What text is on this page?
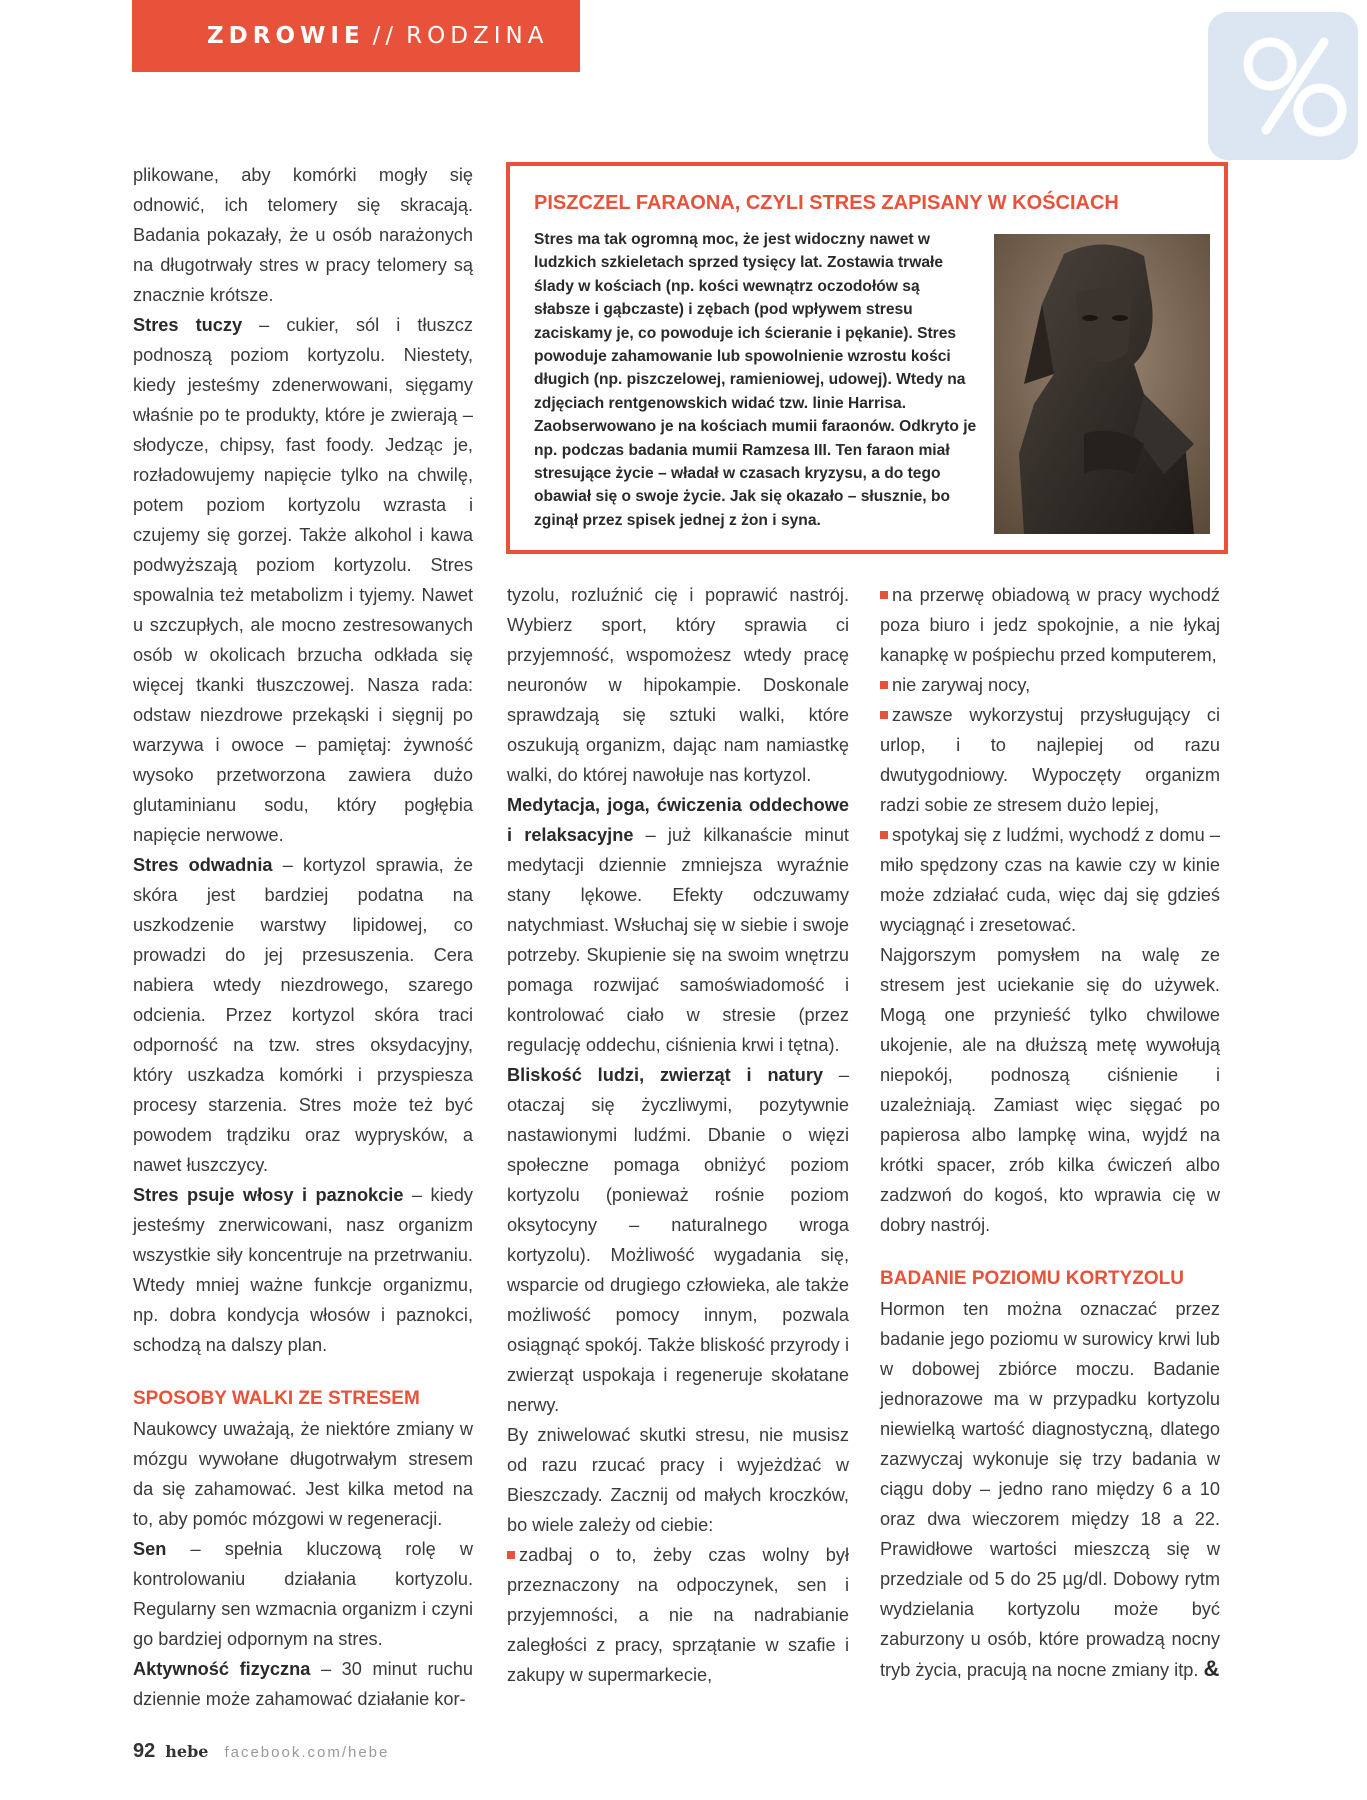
ZDROWIE // RODZINA

plikowane, aby komórki mogły się odnowić, ich telomery się skracają. Badania pokazały, że u osób narażonych na długotrwały stres w pracy telomery są znacznie krótsze.

Stres tuczy – cukier, sól i tłuszcz podnoszą poziom kortyzolu. Niestety, kiedy jesteśmy zdenerwowani, sięgamy właśnie po te produkty, które je zwierają – słodycze, chipsy, fast foody. Jedząc je, rozładowujemy napięcie tylko na chwilę, potem poziom kortyzolu wzrasta i czujemy się gorzej. Także alkohol i kawa podwyższają poziom kortyzolu. Stres spowalnia też metabolizm i tyjemy. Nawet u szczupłych, ale mocno zestresowanych osób w okolicach brzucha odkłada się więcej tkanki tłuszczowej. Nasza rada: odstaw niezdrowe przekąski i sięgnij po warzywa i owoce – pamiętaj: żywność wysoko przetworzona zawiera dużo glutaminianu sodu, który pogłębia napięcie nerwowe.

Stres odwadnia – kortyzol sprawia, że skóra jest bardziej podatna na uszkodzenie warstwy lipidowej, co prowadzi do jej przesuszenia. Cera nabiera wtedy niezdrowego, szarego odcienia. Przez kortyzol skóra traci odporność na tzw. stres oksydacyjny, który uszkadza komórki i przyspiesza procesy starzenia. Stres może też być powodem trądziku oraz wyprysków, a nawet łuszczycy.

Stres psuje włosy i paznokcie – kiedy jesteśmy znerwicowani, nasz organizm wszystkie siły koncentruje na przetrwaniu. Wtedy mniej ważne funkcje organizmu, np. dobra kondycja włosów i paznokci, schodzą na dalszy plan.

SPOSOBY WALKI ZE STRESEM

Naukowcy uważają, że niektóre zmiany w mózgu wywołane długotrwałym stresem da się zahamować. Jest kilka metod na to, aby pomóc mózgowi w regeneracji.

Sen – spełnia kluczową rolę w kontrolowaniu działania kortyzolu. Regularny sen wzmacnia organizm i czyni go bardziej odpornym na stres.

Aktywność fizyczna – 30 minut ruchu dziennie może zahamować działanie kor-

PISZCZEL FARAONA, CZYLI STRES ZAPISANY W KOŚCIACH
Stres ma tak ogromną moc, że jest widoczny nawet w ludzkich szkieletach sprzed tysięcy lat. Zostawia trwałe ślady w kościach (np. kości wewnątrz oczodołów są słabsze i gąbczaste) i zębach (pod wpływem stresu zaciskamy je, co powoduje ich ścieranie i pękanie). Stres powoduje zahamowanie lub spowolnienie wzrostu kości długich (np. piszczelowej, ramieniowej, udowej). Wtedy na zdjęciach rentgenowskich widać tzw. linie Harrisa. Zaobserwowano je na kościach mumii faraonów. Odkryto je np. podczas badania mumii Ramzesa III. Ten faraon miał stresujące życie – władał w czasach kryzysu, a do tego obawiał się o swoje życie. Jak się okazało – słusznie, bo zginął przez spisek jednej z żon i syna.

tyzolu, rozluźnić cię i poprawić nastrój. Wybierz sport, który sprawia ci przyjemność, wspomożesz wtedy pracę neuronów w hipokampie. Doskonale sprawdzają się sztuki walki, które oszukują organizm, dając nam namiastkę walki, do której nawołuje nas kortyzol.

Medytacja, joga, ćwiczenia oddechowe i relaksacyjne – już kilkanaście minut medytacji dziennie zmniejsza wyraźnie stany lękowe. Efekty odczuwamy natychmiast. Wsłuchaj się w siebie i swoje potrzeby. Skupienie się na swoim wnętrzu pomaga rozwijać samoświadomość i kontrolować ciało w stresie (przez regulację oddechu, ciśnienia krwi i tętna).

Bliskość ludzi, zwierząt i natury – otaczaj się życzliwymi, pozytywnie nastawionymi ludźmi. Dbanie o więzi społeczne pomaga obniżyć poziom kortyzolu (ponieważ rośnie poziom oksytocyny – naturalnego wroga kortyzolu). Możliwość wygadania się, wsparcie od drugiego człowieka, ale także możliwość pomocy innym, pozwala osiągnąć spokój. Także bliskość przyrody i zwierząt uspokaja i regeneruje skołatane nerwy.

By zniwelować skutki stresu, nie musisz od razu rzucać pracy i wyjeżdżać w Bieszczady. Zacznij od małych kroczków, bo wiele zależy od ciebie:

zadbaj o to, żeby czas wolny był przeznaczony na odpoczynek, sen i przyjemności, a nie na nadrabianie zaległości z pracy, sprzątanie w szafie i zakupy w supermarkecie,

na przerwę obiadową w pracy wychodź poza biuro i jedz spokojnie, a nie łykaj kanapkę w pośpiechu przed komputerem,

nie zarywaj nocy,

zawsze wykorzystuj przysługujący ci urlop, i to najlepiej od razu dwutygodniowy. Wypoczęty organizm radzi sobie ze stresem dużo lepiej,

spotykaj się z ludźmi, wychodź z domu – miło spędzony czas na kawie czy w kinie może zdziałać cuda, więc daj się gdzieś wyciągnąć i zresetować.

Najgorszym pomysłem na walę ze stresem jest uciekanie się do używek. Mogą one przynieść tylko chwilowe ukojenie, ale na dłuższą metę wywołują niepokój, podnoszą ciśnienie i uzależniają. Zamiast więc sięgać po papierosa albo lampkę wina, wyjdź na krótki spacer, zrób kilka ćwiczeń albo zadzwoń do kogoś, kto wprawia cię w dobry nastrój.

BADANIE POZIOMU KORTYZOLU

Hormon ten można oznaczać przez badanie jego poziomu w surowicy krwi lub w dobowej zbiórce moczu. Badanie jednorazowe ma w przypadku kortyzolu niewielką wartość diagnostyczną, dlatego zazwyczaj wykonuje się trzy badania w ciągu doby – jedno rano między 6 a 10 oraz dwa wieczorem między 18 a 22. Prawidłowe wartości mieszczą się w przedziale od 5 do 25 µg/dl. Dobowy rytm wydzielania kortyzolu może być zaburzony u osób, które prowadzą nocny tryb życia, pracują na nocne zmiany itp. &

92 hebe facebook.com/hebe
